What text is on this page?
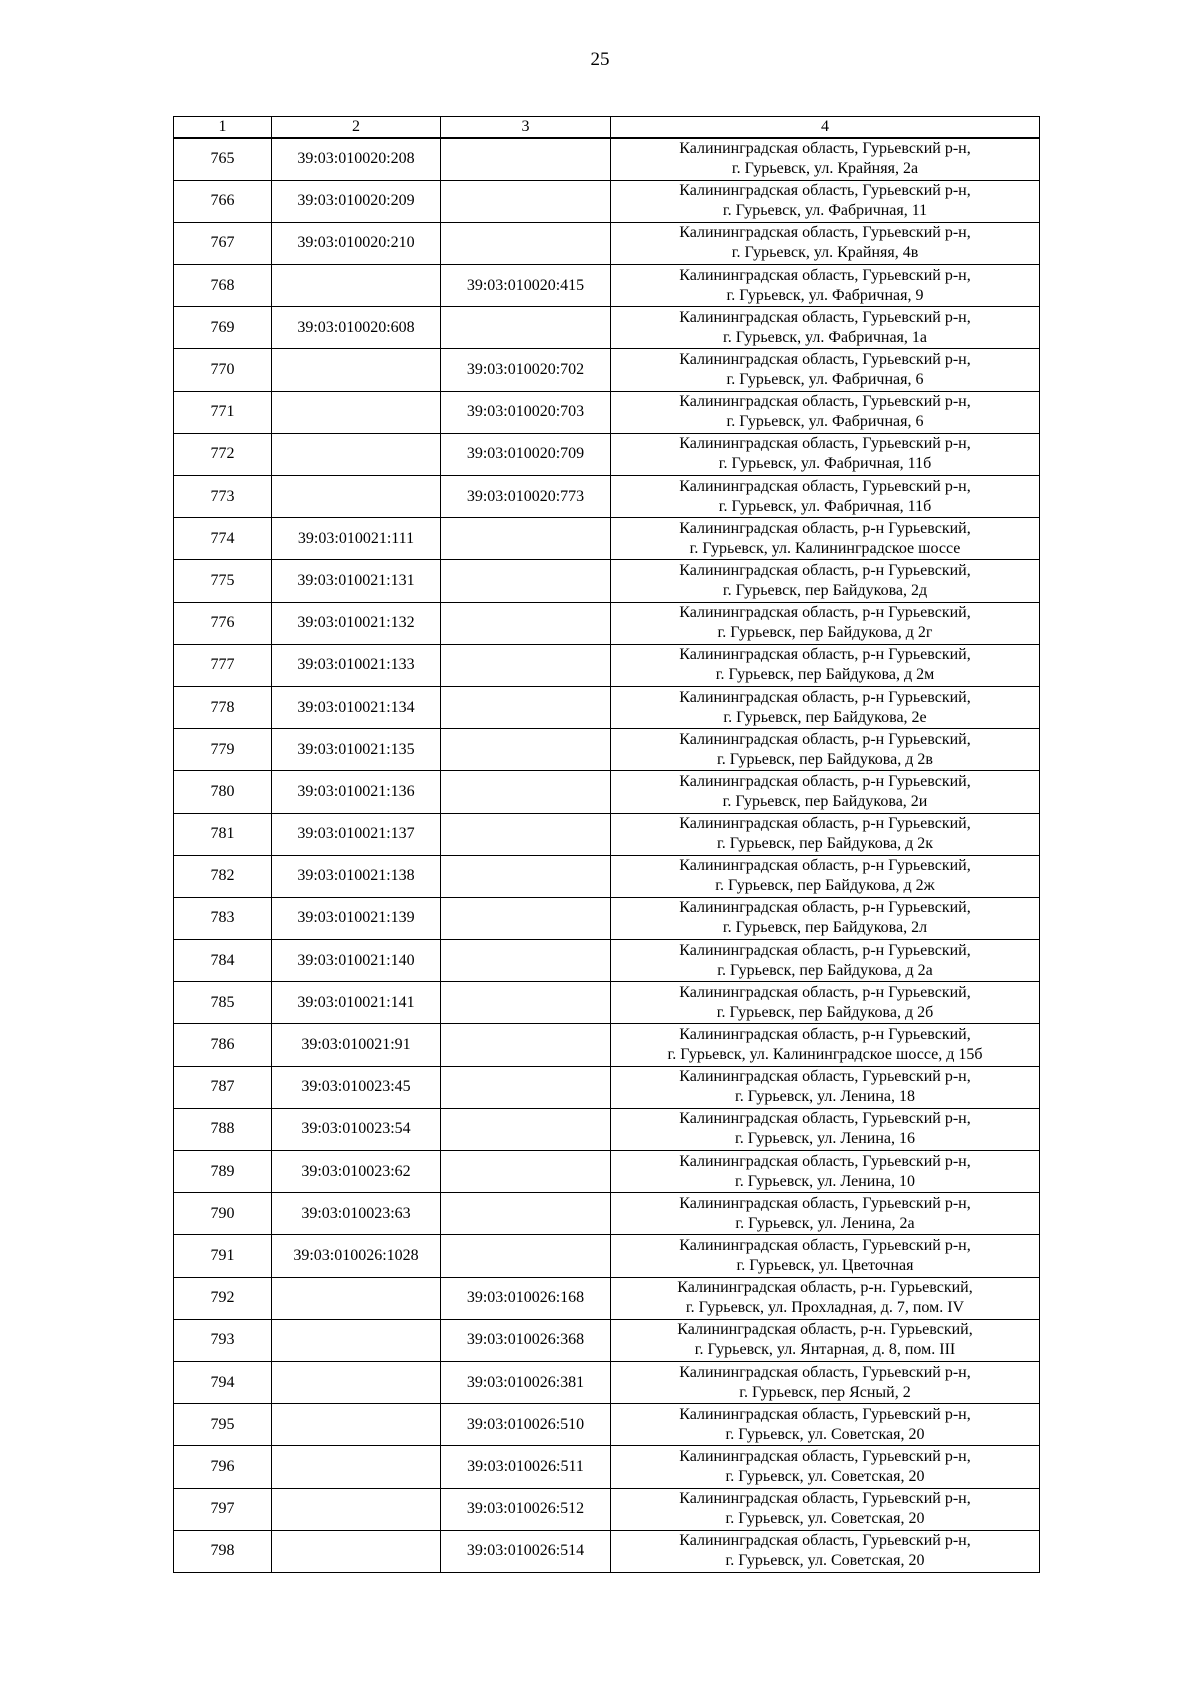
25
1	2	3	4
765	39:03:010020:208		Калининградская область, Гурьевский р-н,
г. Гурьевск, ул. Крайняя, 2а

766	39:03:010020:209		Калининградская область, Гурьевский р-н,
г. Гурьевск, ул. Фабричная, 11

767	39:03:010020:210		Калининградская область, Гурьевский р-н,
г. Гурьевск, ул. Крайняя, 4в

768		39:03:010020:415	Калининградская область, Гурьевский р-н,
г. Гурьевск, ул. Фабричная, 9

769	39:03:010020:608		Калининградская область, Гурьевский р-н,
г. Гурьевск, ул. Фабричная, 1а

770		39:03:010020:702	Калининградская область, Гурьевский р-н,
г. Гурьевск, ул. Фабричная, 6

771		39:03:010020:703	Калининградская область, Гурьевский р-н,
г. Гурьевск, ул. Фабричная, 6

772		39:03:010020:709	Калининградская область, Гурьевский р-н,
г. Гурьевск, ул. Фабричная, 11б

773		39:03:010020:773	Калининградская область, Гурьевский р-н,
г. Гурьевск, ул. Фабричная, 11б

774	39:03:010021:111		Калининградская область, р-н Гурьевский,
г. Гурьевск, ул. Калининградское шоссе

775	39:03:010021:131		Калининградская область, р-н Гурьевский,
г. Гурьевск, пер Байдукова, 2д

776	39:03:010021:132		Калининградская область, р-н Гурьевский,
г. Гурьевск, пер Байдукова, д 2г

777	39:03:010021:133		Калининградская область, р-н Гурьевский,
г. Гурьевск, пер Байдукова, д 2м

778	39:03:010021:134		Калининградская область, р-н Гурьевский,
г. Гурьевск, пер Байдукова, 2е

779	39:03:010021:135		Калининградская область, р-н Гурьевский,
г. Гурьевск, пер Байдукова, д 2в

780	39:03:010021:136		Калининградская область, р-н Гурьевский,
г. Гурьевск, пер Байдукова, 2и

781	39:03:010021:137		Калининградская область, р-н Гурьевский,
г. Гурьевск, пер Байдукова, д 2к

782	39:03:010021:138		Калининградская область, р-н Гурьевский,
г. Гурьевск, пер Байдукова, д 2ж

783	39:03:010021:139		Калининградская область, р-н Гурьевский,
г. Гурьевск, пер Байдукова, 2л

784	39:03:010021:140		Калининградская область, р-н Гурьевский,
г. Гурьевск, пер Байдукова, д 2а

785	39:03:010021:141		Калининградская область, р-н Гурьевский,
г. Гурьевск, пер Байдукова, д 2б

786	39:03:010021:91		Калининградская область, р-н Гурьевский,
г. Гурьевск, ул. Калининградское шоссе, д 15б

787	39:03:010023:45		Калининградская область, Гурьевский р-н,
г. Гурьевск, ул. Ленина, 18

788	39:03:010023:54		Калининградская область, Гурьевский р-н,
г. Гурьевск, ул. Ленина, 16

789	39:03:010023:62		Калининградская область, Гурьевский р-н,
г. Гурьевск, ул. Ленина, 10

790	39:03:010023:63		Калининградская область, Гурьевский р-н,
г. Гурьевск, ул. Ленина, 2а

791	39:03:010026:1028		Калининградская область, Гурьевский р-н,
г. Гурьевск, ул. Цветочная

792		39:03:010026:168	Калининградская область, р-н. Гурьевский,
г. Гурьевск, ул. Прохладная, д. 7, пом. IV

793		39:03:010026:368	Калининградская область, р-н. Гурьевский,
г. Гурьевск, ул. Янтарная, д. 8, пом. III

794		39:03:010026:381	Калининградская область, Гурьевский р-н,
г. Гурьевск, пер Ясный, 2

795		39:03:010026:510	Калининградская область, Гурьевский р-н,
г. Гурьевск, ул. Советская, 20

796		39:03:010026:511	Калининградская область, Гурьевский р-н,
г. Гурьевск, ул. Советская, 20

797		39:03:010026:512	Калининградская область, Гурьевский р-н,
г. Гурьевск, ул. Советская, 20

798		39:03:010026:514	Калининградская область, Гурьевский р-н,
г. Гурьевск, ул. Советская, 20
